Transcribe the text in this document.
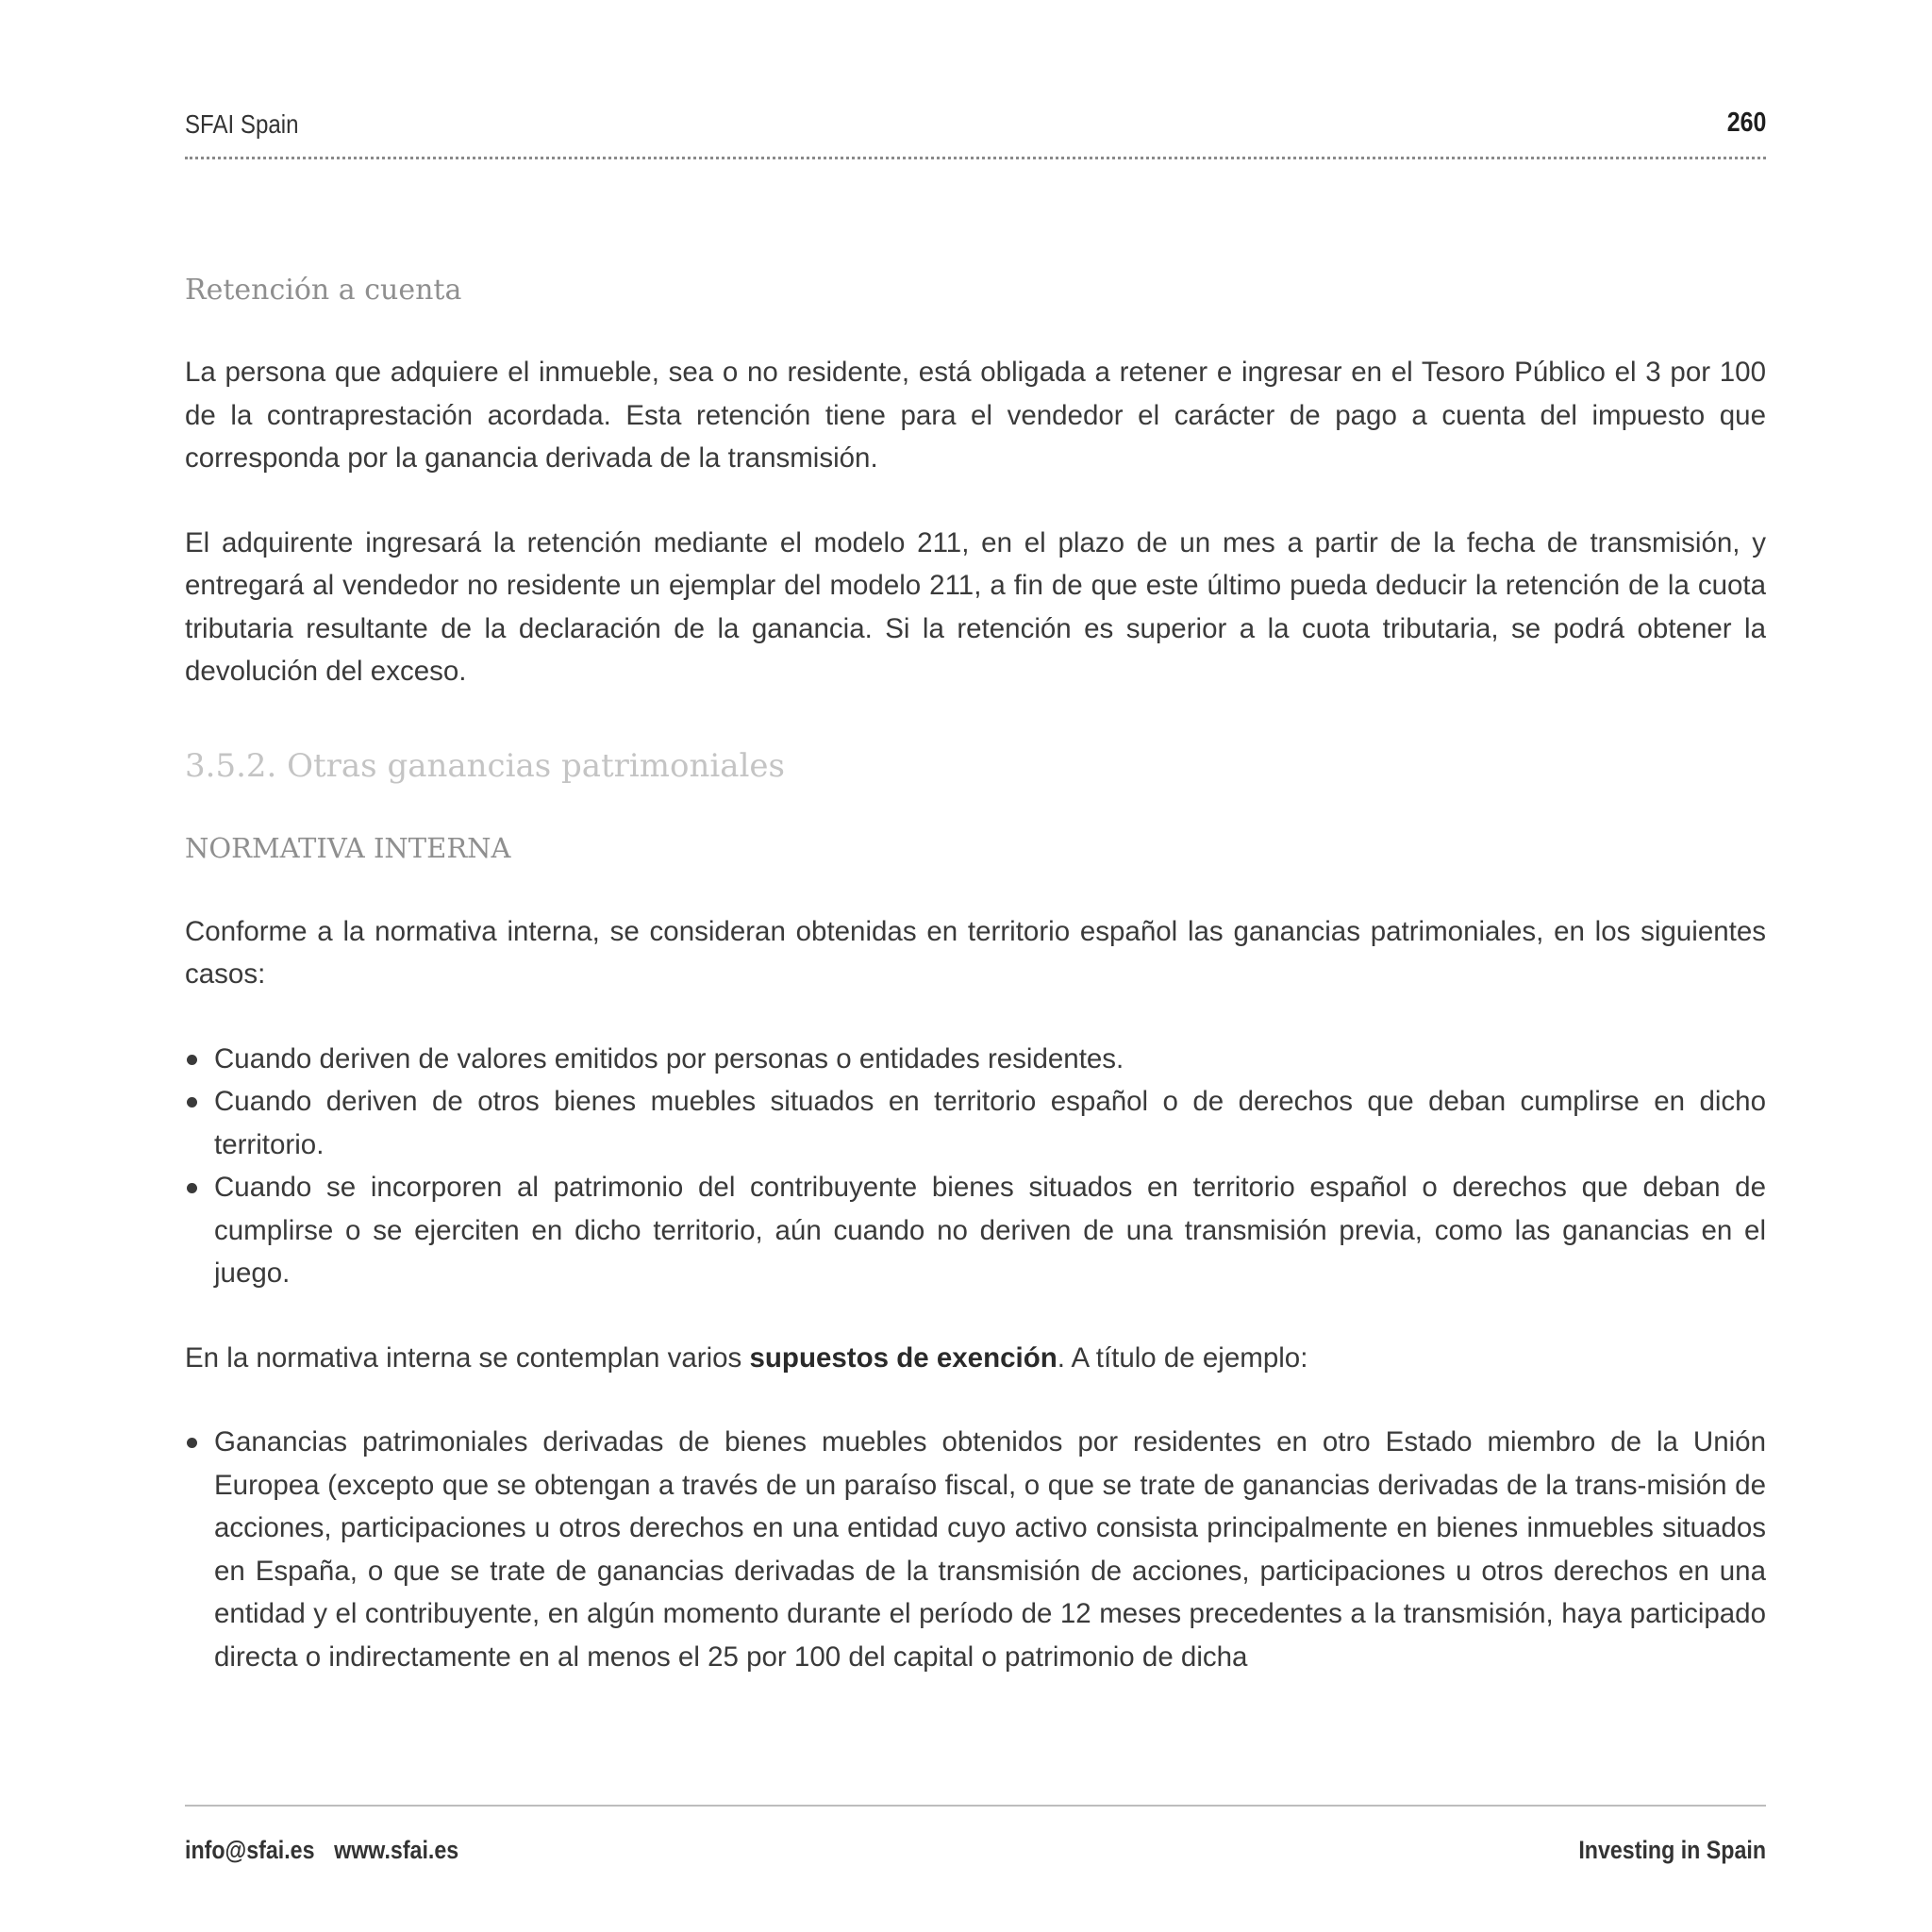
SFAI Spain	260
Retención a cuenta

La persona que adquiere el inmueble, sea o no residente, está obligada a retener e ingresar en el Tesoro Público el 3 por 100 de la contraprestación acordada. Esta retención tiene para el vendedor el carácter de pago a cuenta del impuesto que corresponda por la ganancia derivada de la transmisión.

El adquirente ingresará la retención mediante el modelo 211, en el plazo de un mes a partir de la fecha de transmisión, y entregará al vendedor no residente un ejemplar del modelo 211, a fin de que este último pueda deducir la retención de la cuota tributaria resultante de la declaración de la ganancia. Si la retención es superior a la cuota tributaria, se podrá obtener la devolución del exceso.

3.5.2. Otras ganancias patrimoniales
NORMATIVA INTERNA

Conforme a la normativa interna, se consideran obtenidas en territorio español las ganancias patrimoniales, en los siguientes casos:

Cuando deriven de valores emitidos por personas o entidades residentes.
Cuando deriven de otros bienes muebles situados en territorio español o de derechos que deban cumplirse en dicho territorio.
Cuando se incorporen al patrimonio del contribuyente bienes situados en territorio español o derechos que deban de cumplirse o se ejerciten en dicho territorio, aún cuando no deriven de una transmisión previa, como las ganancias en el juego.

En la normativa interna se contemplan varios supuestos de exención. A título de ejemplo:

Ganancias patrimoniales derivadas de bienes muebles obtenidos por residentes en otro Estado miembro de la Unión Europea (excepto que se obtengan a través de un paraíso fiscal, o que se trate de ganancias derivadas de la trans-misión de acciones, participaciones u otros derechos en una entidad cuyo activo consista principalmente en bienes inmuebles situados en España, o que se trate de ganancias derivadas de la transmisión de acciones, participaciones u otros derechos en una entidad y el contribuyente, en algún momento durante el período de 12 meses precedentes a la transmisión, haya participado directa o indirectamente en al menos el 25 por 100 del capital o patrimonio de dicha
info@sfai.es www.sfai.es	Investing in Spain
